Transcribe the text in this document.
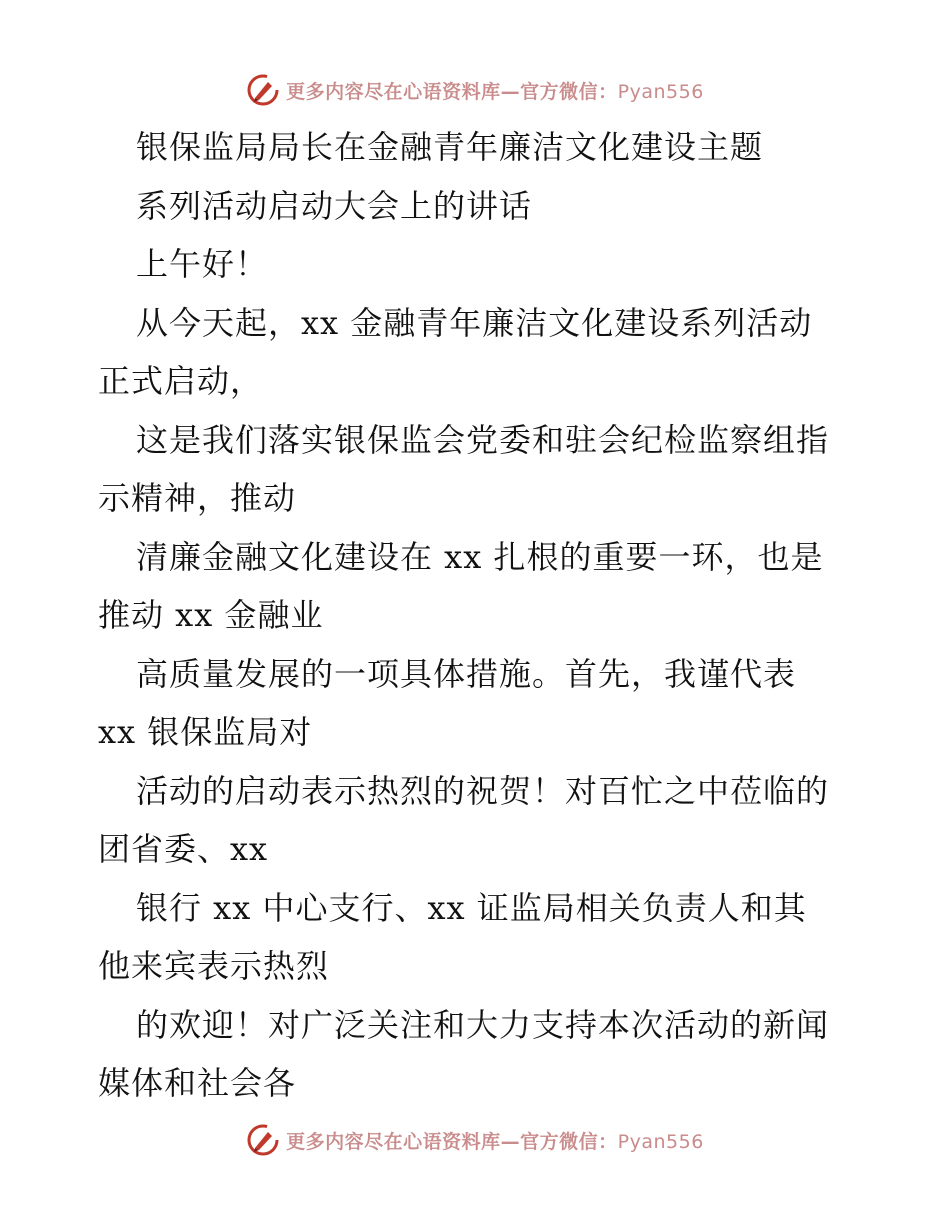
更多内容尽在心语资料库—官方微信：Pyan556
银保监局局长在金融青年廉洁文化建设主题
系列活动启动大会上的讲话
上午好！
从今天起，xx 金融青年廉洁文化建设系列活动
正式启动，
这是我们落实银保监会党委和驻会纪检监察组指
示精神，推动
清廉金融文化建设在 xx 扎根的重要一环，也是
推动 xx 金融业
高质量发展的一项具体措施。首先，我谨代表
xx 银保监局对
活动的启动表示热烈的祝贺！对百忙之中莅临的
团省委、xx
银行 xx 中心支行、xx 证监局相关负责人和其
他来宾表示热烈
的欢迎！对广泛关注和大力支持本次活动的新闻
媒体和社会各
更多内容尽在心语资料库—官方微信：Pyan556
